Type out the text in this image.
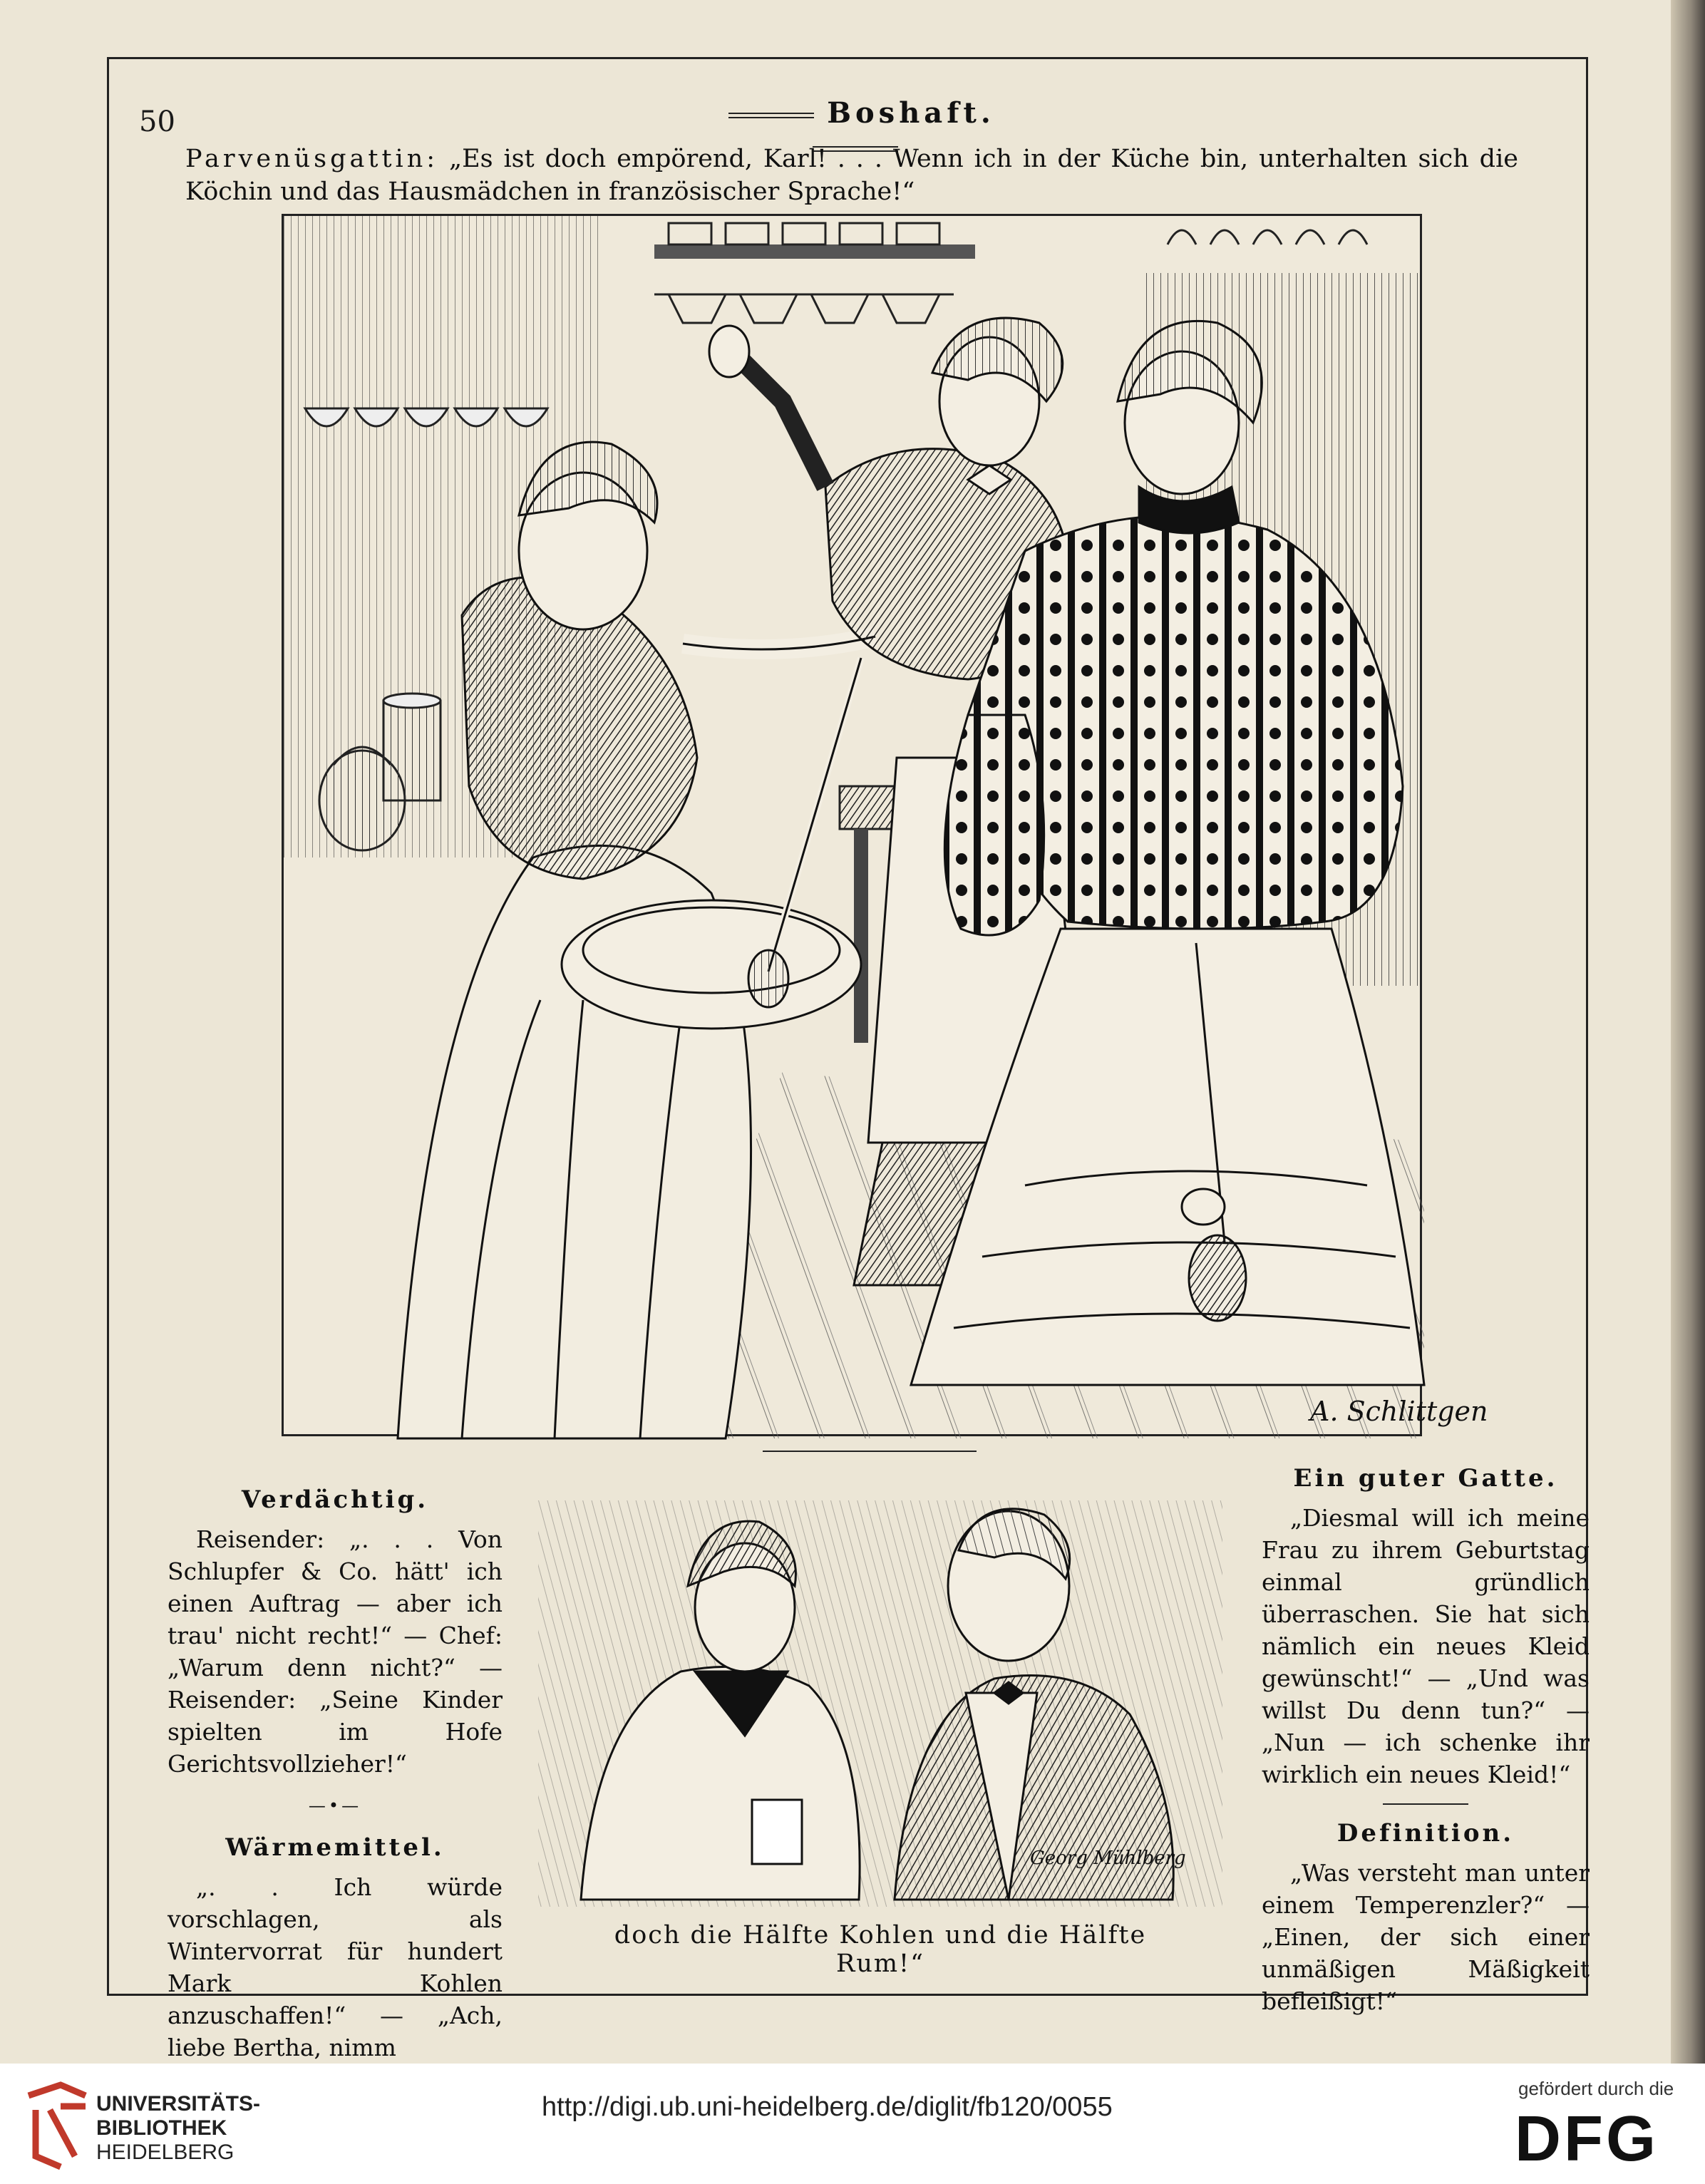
50	Boshaft.
Parvenüsgattin: „Es ist doch empörend, Karl! . . . Wenn ich in der Küche bin, unterhalten sich die Köchin und das Hausmädchen in französischer Sprache!“
A. Schlittgen
Verdächtig.

Reisender: „. . . Von Schlupfer & Co. hätt' ich einen Auftrag — aber ich trau' nicht recht!“ — Chef: „Warum denn nicht?“ — Reisender: „Seine Kinder spielten im Hofe Gerichtsvollzieher!“

—•—
Wärmemittel.

„. . Ich würde vorschlagen, als Wintervorrat für hundert Mark Kohlen anzuschaffen!“ — „Ach, liebe Bertha, nimm

Georg Mühlberg
doch die Hälfte Kohlen und die Hälfte Rum!“
Ein guter Gatte.

„Diesmal will ich meine Frau zu ihrem Geburtstag einmal gründlich überraschen. Sie hat sich nämlich ein neues Kleid gewünscht!“ — „Und was willst Du denn tun?“ — „Nun — ich schenke ihr wirklich ein neues Kleid!“

Definition.

„Was versteht man unter einem Temperenzler?“ — „Einen, der sich einer unmäßigen Mäßigkeit befleißigt!“

UNIVERSITÄTS-
BIBLIOTHEK
HEIDELBERG
http://digi.ub.uni-heidelberg.de/diglit/fb120/0055
gefördert durch die
DFG
